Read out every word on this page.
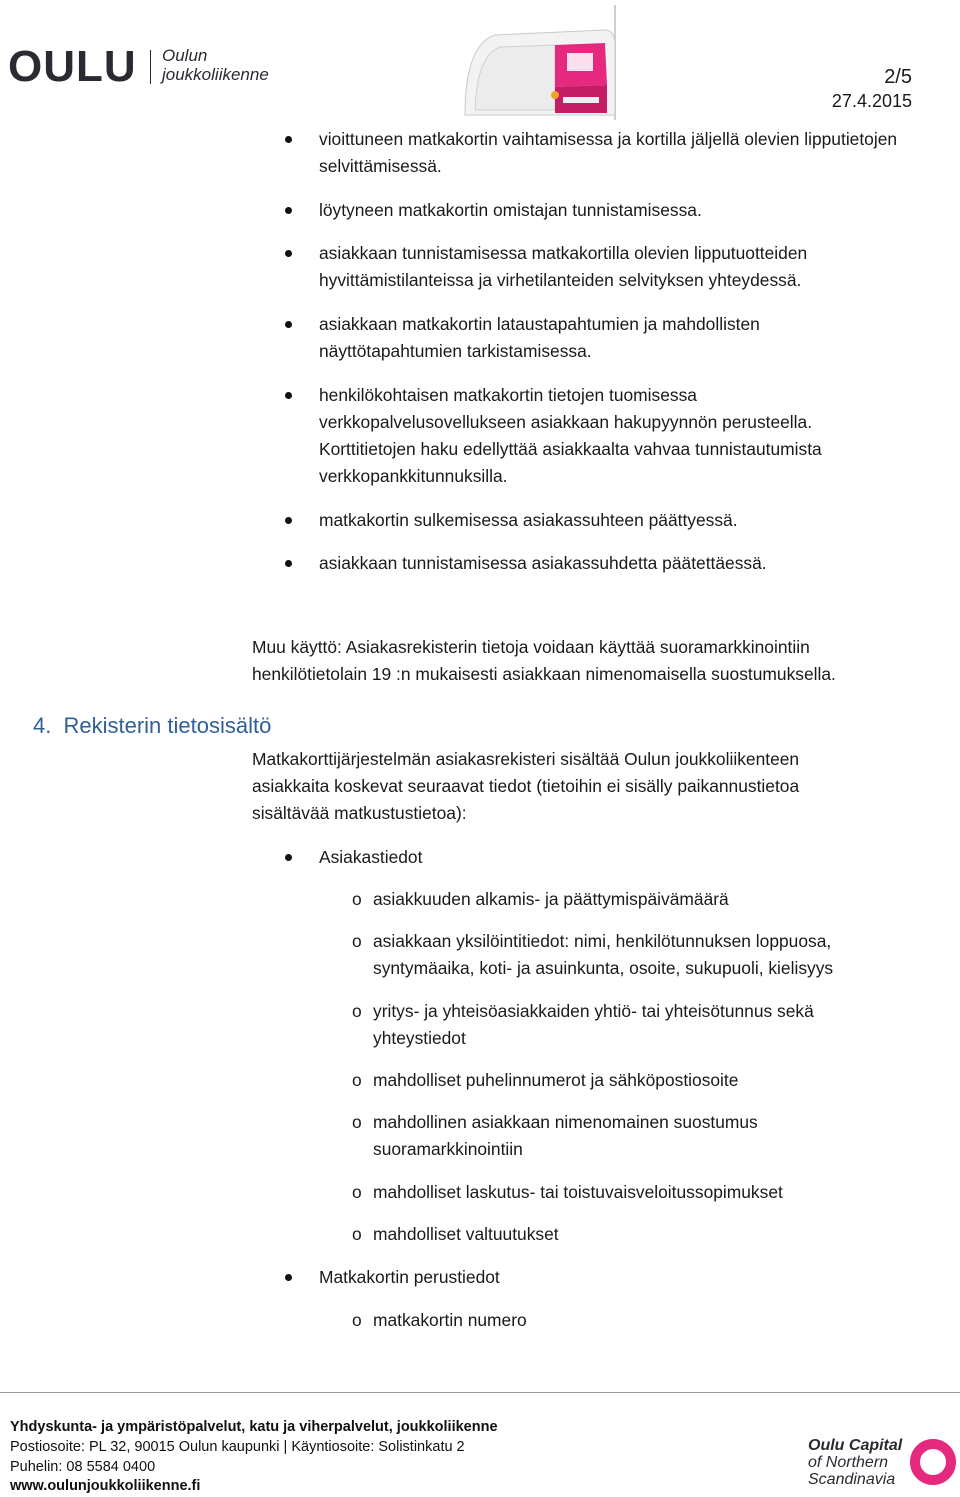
OULU Oulun
joukkoliikenne	2/5
27.4.2015
vioittuneen matkakortin vaihtamisessa ja kortilla jäljellä olevien lipputietojen selvittämisessä.
löytyneen matkakortin omistajan tunnistamisessa.
asiakkaan tunnistamisessa matkakortilla olevien lipputuotteiden hyvittämistilanteissa ja virhetilanteiden selvityksen yhteydessä.
asiakkaan matkakortin lataustapahtumien ja mahdollisten näyttötapahtumien tarkistamisessa.
henkilökohtaisen matkakortin tietojen tuomisessa verkkopalvelusovellukseen asiakkaan hakupyynnön perusteella. Korttitietojen haku edellyttää asiakkaalta vahvaa tunnistautumista verkkopankkitunnuksilla.
matkakortin sulkemisessa asiakassuhteen päättyessä.
asiakkaan tunnistamisessa asiakassuhdetta päätettäessä.
Muu käyttö: Asiakasrekisterin tietoja voidaan käyttää suoramarkkinointiin henkilötietolain 19 :n mukaisesti asiakkaan nimenomaisella suostumuksella.
4. Rekisterin tietosisältö
Matkakorttijärjestelmän asiakasrekisteri sisältää Oulun joukkoliikenteen asiakkaita koskevat seuraavat tiedot (tietoihin ei sisälly paikannustietoa sisältävää matkustustietoa):
Asiakastiedot
o asiakkuuden alkamis- ja päättymispäivämäärä
o asiakkaan yksilöintitiedot: nimi, henkilötunnuksen loppuosa, syntymäaika, koti- ja asuinkunta, osoite, sukupuoli, kielisyys
o yritys- ja yhteisöasiakkaiden yhtiö- tai yhteisötunnus sekä yhteystiedot
o mahdolliset puhelinnumerot ja sähköpostiosoite
o mahdollinen asiakkaan nimenomainen suostumus suoramarkkinointiin
o mahdolliset laskutus- tai toistuvaisveloitussopimukset
o mahdolliset valtuutukset
Matkakortin perustiedot
o matkakortin numero
Yhdyskunta- ja ympäristöpalvelut, katu ja viherpalvelut, joukkoliikenne
Postiosoite: PL 32, 90015 Oulun kaupunki | Käyntiosoite: Solistinkatu 2
Puhelin: 08 5584 0400
www.oulunjoukkoliikenne.fi
Oulu Capital
of Northern
Scandinavia
